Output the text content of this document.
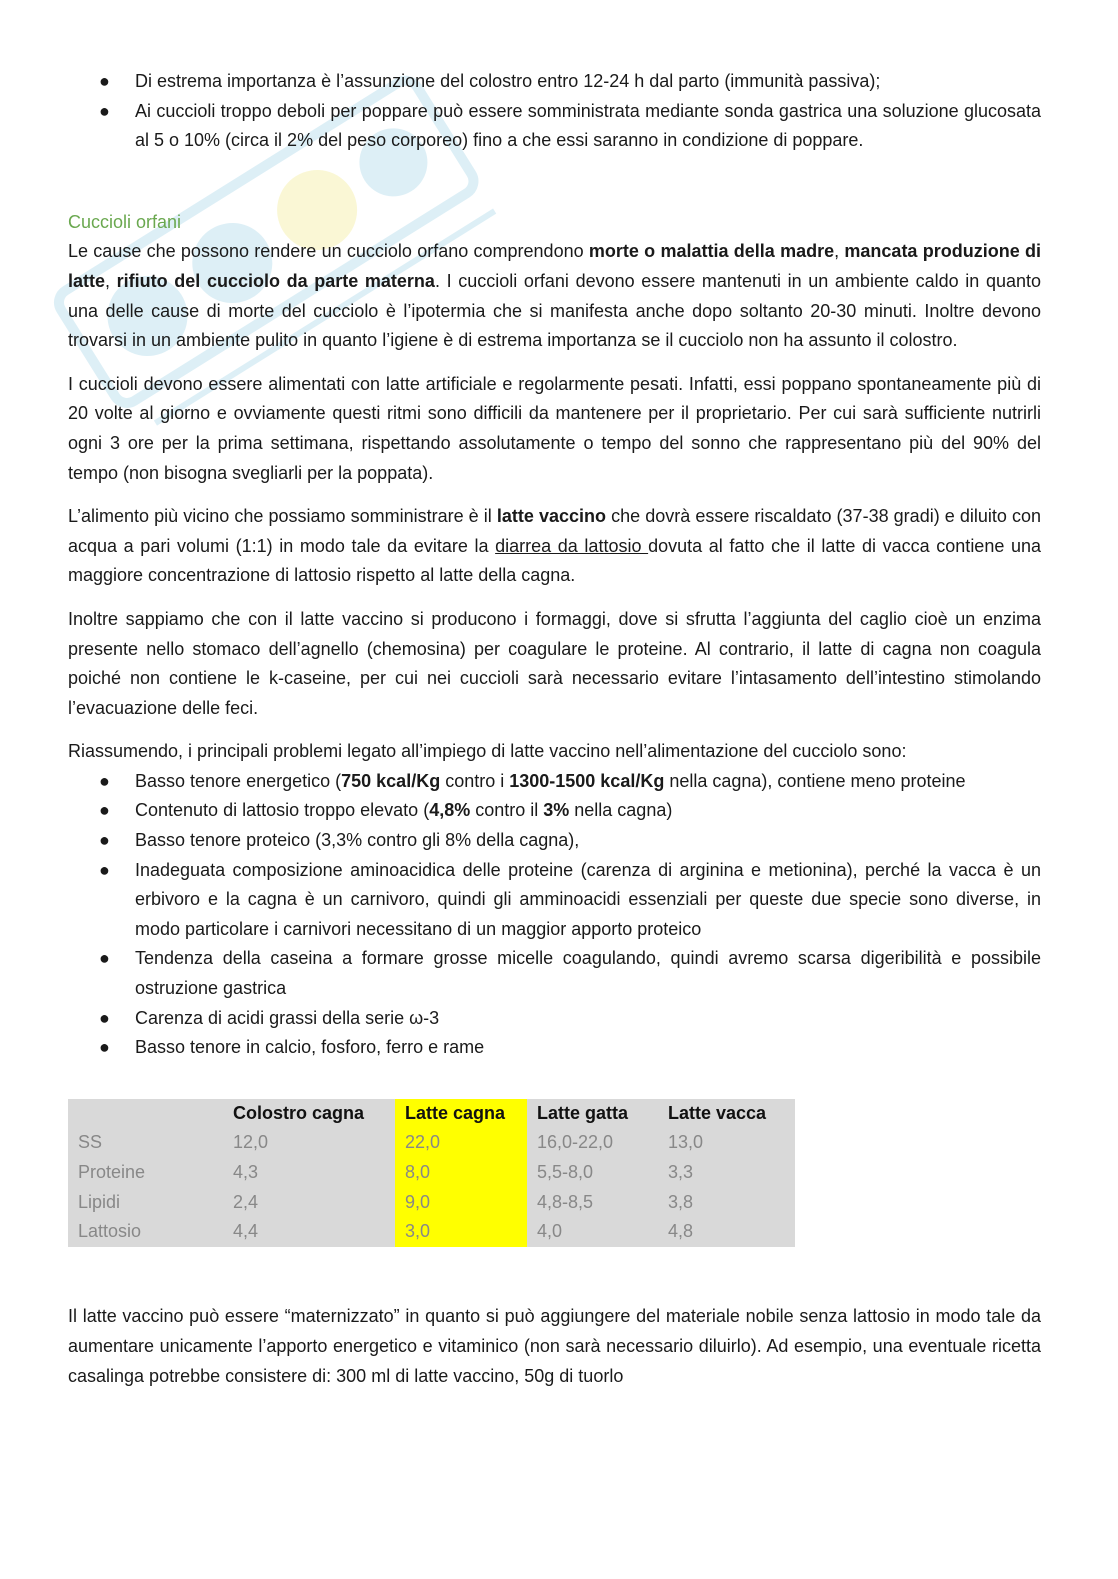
● Di estrema importanza è l’assunzione del colostro entro 12-24 h dal parto (immunità passiva);
● Ai cuccioli troppo deboli per poppare può essere somministrata mediante sonda gastrica una soluzione glucosata al 5 o 10% (circa il 2% del peso corporeo) fino a che essi saranno in condizione di poppare.
Cuccioli orfani

Le cause che possono rendere un cucciolo orfano comprendono morte o malattia della madre, mancata produzione di latte, rifiuto del cucciolo da parte materna. I cuccioli orfani devono essere mantenuti in un ambiente caldo in quanto una delle cause di morte del cucciolo è l’ipotermia che si manifesta anche dopo soltanto 20-30 minuti. Inoltre devono trovarsi in un ambiente pulito in quanto l’igiene è di estrema importanza se il cucciolo non ha assunto il colostro.

I cuccioli devono essere alimentati con latte artificiale e regolarmente pesati. Infatti, essi poppano spontaneamente più di 20 volte al giorno e ovviamente questi ritmi sono difficili da mantenere per il proprietario. Per cui sarà sufficiente nutrirli ogni 3 ore per la prima settimana, rispettando assolutamente o tempo del sonno che rappresentano più del 90% del tempo (non bisogna svegliarli per la poppata).

L’alimento più vicino che possiamo somministrare è il latte vaccino che dovrà essere riscaldato (37-38 gradi) e diluito con acqua a pari volumi (1:1) in modo tale da evitare la diarrea da lattosio dovuta al fatto che il latte di vacca contiene una maggiore concentrazione di lattosio rispetto al latte della cagna.

Inoltre sappiamo che con il latte vaccino si producono i formaggi, dove si sfrutta l’aggiunta del caglio cioè un enzima presente nello stomaco dell’agnello (chemosina) per coagulare le proteine. Al contrario, il latte di cagna non coagula poiché non contiene le k-caseine, per cui nei cuccioli sarà necessario evitare l’intasamento dell’intestino stimolando l’evacuazione delle feci.

Riassumendo, i principali problemi legato all’impiego di latte vaccino nell’alimentazione del cucciolo sono:

● Basso tenore energetico (750 kcal/Kg contro i 1300-1500 kcal/Kg nella cagna), contiene meno proteine
● Contenuto di lattosio troppo elevato (4,8% contro il 3% nella cagna)
● Basso tenore proteico (3,3% contro gli 8% della cagna),
● Inadeguata composizione aminoacidica delle proteine (carenza di arginina e metionina), perché la vacca è un erbivoro e la cagna è un carnivoro, quindi gli amminoacidi essenziali per queste due specie sono diverse, in modo particolare i carnivori necessitano di un maggior apporto proteico
● Tendenza della caseina a formare grosse micelle coagulando, quindi avremo scarsa digeribilità e possibile ostruzione gastrica
● Carenza di acidi grassi della serie ω-3
● Basso tenore in calcio, fosforo, ferro e rame
	Colostro cagna	Latte cagna	Latte gatta	Latte vacca
SS	12,0	22,0	16,0-22,0	13,0
Proteine	4,3	8,0	5,5-8,0	3,3
Lipidi	2,4	9,0	4,8-8,5	3,8
Lattosio	4,4	3,0	4,0	4,8

Il latte vaccino può essere “maternizzato” in quanto si può aggiungere del materiale nobile senza lattosio in modo tale da aumentare unicamente l’apporto energetico e vitaminico (non sarà necessario diluirlo). Ad esempio, una eventuale ricetta casalinga potrebbe consistere di: 300 ml di latte vaccino, 50g di tuorlo
